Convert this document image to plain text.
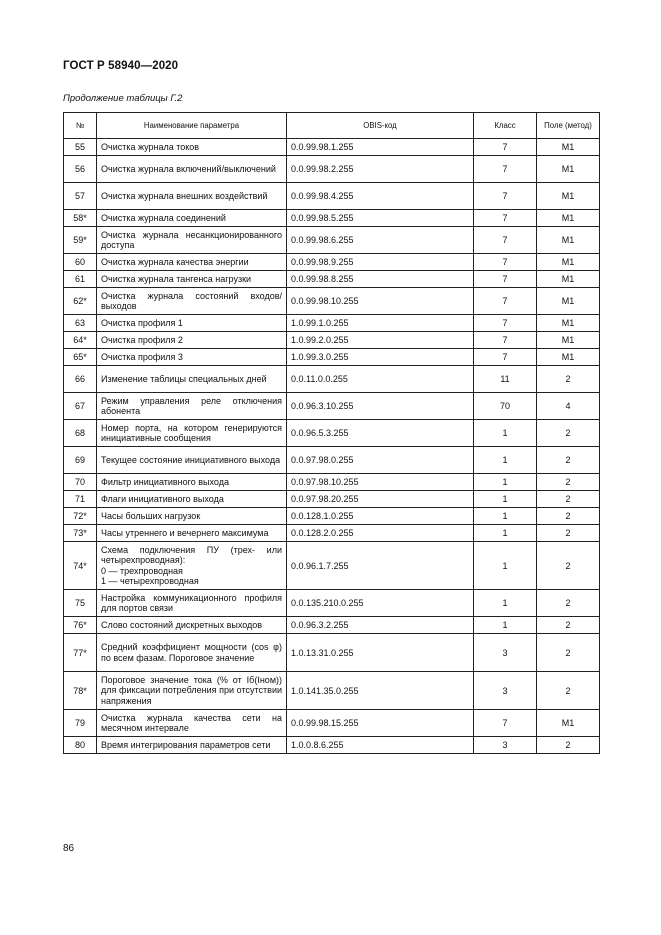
ГОСТ Р 58940—2020
Продолжение таблицы Г.2
№	Наименование параметра	OBIS-код	Класс	Поле (метод)
55	Очистка журнала токов	0.0.99.98.1.255	7	M1
56	Очистка журнала включений/выключений	0.0.99.98.2.255	7	M1
57	Очистка журнала внешних воздействий	0.0.99.98.4.255	7	M1
58*	Очистка журнала соединений	0.0.99.98.5.255	7	M1
59*	Очистка журнала несанкционированного доступа	0.0.99.98.6.255	7	M1
60	Очистка журнала качества энергии	0.0.99.98.9.255	7	M1
61	Очистка журнала тангенса нагрузки	0.0.99.98.8.255	7	M1
62*	Очистка журнала состояний входов/выходов	0.0.99.98.10.255	7	M1
63	Очистка профиля 1	1.0.99.1.0.255	7	M1
64*	Очистка профиля 2	1.0.99.2.0.255	7	M1
65*	Очистка профиля 3	1.0.99.3.0.255	7	M1
66	Изменение таблицы специальных дней	0.0.11.0.0.255	11	2
67	Режим управления реле отключения абонента	0.0.96.3.10.255	70	4
68	Номер порта, на котором генерируются инициативные сообщения	0.0.96.5.3.255	1	2
69	Текущее состояние инициативного выхода	0.0.97.98.0.255	1	2
70	Фильтр инициативного выхода	0.0.97.98.10.255	1	2
71	Флаги инициативного выхода	0.0.97.98.20.255	1	2
72*	Часы больших нагрузок	0.0.128.1.0.255	1	2
73*	Часы утреннего и вечернего максимума	0.0.128.2.0.255	1	2
74*	Схема подключения ПУ (трех- или четырехпроводная):
0 — трехпроводная
1 — четырехпроводная	0.0.96.1.7.255	1	2
75	Настройка коммуникационного профиля для портов связи	0.0.135.210.0.255	1	2
76*	Слово состояний дискретных выходов	0.0.96.3.2.255	1	2
77*	Средний коэффициент мощности (cos φ) по всем фазам. Пороговое значение	1.0.13.31.0.255	3	2
78*	Пороговое значение тока (% от Iб(Iном)) для фиксации потребления при отсутствии напряжения	1.0.141.35.0.255	3	2
79	Очистка журнала качества сети на месячном интервале	0.0.99.98.15.255	7	M1
80	Время интегрирования параметров сети	1.0.0.8.6.255	3	2
86
